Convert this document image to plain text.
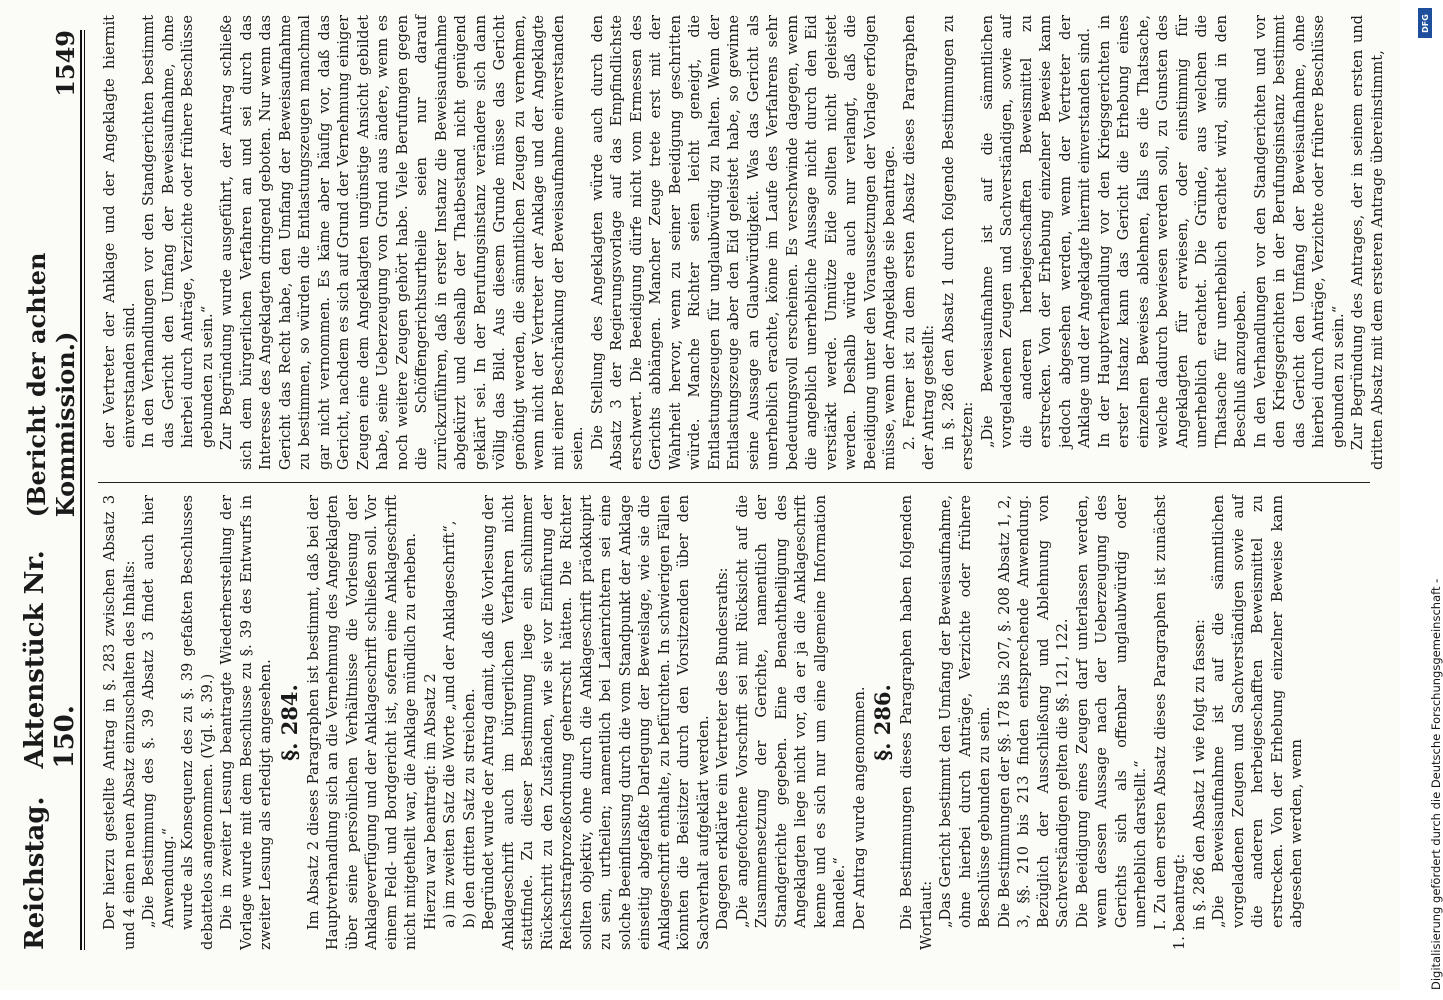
Reichstag.
Aktenstück Nr. 150.
(Bericht der achten Kommission.)
1549

Der hierzu gestellte Antrag in §. 283 zwischen Absatz 3 und 4 einen neuen Absatz einzuschalten des Inhalts: „Die Bestimmung des §. 39 Absatz 3 findet auch hier Anwendung.“ wurde als Konsequenz des zu §. 39 gefaßten Beschlusses debattelos angenommen. (Vgl. §. 39.) Die in zweiter Lesung beantragte Wiederherstellung der Vorlage wurde mit dem Beschlusse zu §. 39 des Entwurfs in zweiter Lesung als erledigt angesehen. §. 284. Im Absatz 2 dieses Paragraphen ist bestimmt, daß bei der Hauptverhandlung sich an die Vernehmung des Angeklagten über seine persönlichen Verhältnisse die Vorlesung der Anklageverfügung und der Anklageschrift schließen soll. Vor einem Feld- und Bordgericht ist, sofern eine Anklageschrift nicht mitgetheilt war, die Anklage mündlich zu erheben. Hierzu war beantragt: im Absatz 2 a) im zweiten Satz die Worte „und der Anklageschrift“, b) den dritten Satz zu streichen. Begründet wurde der Antrag damit, daß die Vorlesung der Anklageschrift auch im bürgerlichen Verfahren nicht stattfinde. Zu dieser Bestimmung liege ein schlimmer Rückschritt zu den Zuständen, wie sie vor Einführung der Reichsstrafprozeßordnung geherrscht hätten. Die Richter sollten objektiv, ohne durch die Anklageschrift präokkupirt zu sein, urtheilen; namentlich bei Laienrichtern sei eine solche Beeinflussung durch die vom Standpunkt der Anklage einseitig abgefaßte Darlegung der Beweislage, wie sie die Anklageschrift enthalte, zu befürchten. In schwierigen Fällen könnten die Beisitzer durch den Vorsitzenden über den Sachverhalt aufgeklärt werden. Dagegen erklärte ein Vertreter des Bundesraths: „Die angefochtene Vorschrift sei mit Rücksicht auf die Zusammensetzung der Gerichte, namentlich der Standgerichte gegeben. Eine Benachtheiligung des Angeklagten liege nicht vor, da er ja die Anklageschrift kenne und es sich nur um eine allgemeine Information handele.“ Der Antrag wurde angenommen. §. 286. Die Bestimmungen dieses Paragraphen haben folgenden Wortlaut: „Das Gericht bestimmt den Umfang der Beweisaufnahme, ohne hierbei durch Anträge, Verzichte oder frühere Beschlüsse gebunden zu sein. Die Bestimmungen der §§. 178 bis 207, §. 208 Absatz 1, 2, 3, §§. 210 bis 213 finden entsprechende Anwendung. Bezüglich der Ausschließung und Ablehnung von Sachverständigen gelten die §§. 121, 122. Die Beeidigung eines Zeugen darf unterlassen werden, wenn dessen Aussage nach der Ueberzeugung des Gerichts sich als offenbar unglaubwürdig oder unerheblich darstellt.“ I. Zu dem ersten Absatz dieses Paragraphen ist zunächst 1. beantragt: in §. 286 den Absatz 1 wie folgt zu fassen: „Die Beweisaufnahme ist auf die sämmtlichen vorgeladenen Zeugen und Sachverständigen sowie auf die anderen herbeigeschafften Beweismittel zu erstrecken. Von der Erhebung einzelner Beweise kann abgesehen werden, wenn

der Vertreter der Anklage und der Angeklagte hiermit einverstanden sind. In den Verhandlungen vor den Standgerichten bestimmt das Gericht den Umfang der Beweisaufnahme, ohne hierbei durch Anträge, Verzichte oder frühere Beschlüsse gebunden zu sein.“ Zur Begründung wurde ausgeführt, der Antrag schließe sich dem bürgerlichen Verfahren an und sei durch das Interesse des Angeklagten dringend geboten. Nur wenn das Gericht das Recht habe, den Umfang der Beweisaufnahme zu bestimmen, so würden die Entlastungszeugen manchmal gar nicht vernommen. Es käme aber häufig vor, daß das Gericht, nachdem es sich auf Grund der Vernehmung einiger Zeugen eine dem Angeklagten ungünstige Ansicht gebildet habe, seine Ueberzeugung von Grund aus ändere, wenn es noch weitere Zeugen gehört habe. Viele Berufungen gegen die Schöffengerichtsurtheile seien nur darauf zurückzuführen, daß in erster Instanz die Beweisaufnahme abgekürzt und deshalb der Thatbestand nicht genügend geklärt sei. In der Berufungsinstanz verändere sich dann völlig das Bild. Aus diesem Grunde müsse das Gericht genöthigt werden, die sämmtlichen Zeugen zu vernehmen, wenn nicht der Vertreter der Anklage und der Angeklagte mit einer Beschränkung der Beweisaufnahme einverstanden seien. Die Stellung des Angeklagten würde auch durch den Absatz 3 der Regierungsvorlage auf das Empfindlichste erschwert. Die Beeidigung dürfe nicht vom Ermessen des Gerichts abhängen. Mancher Zeuge trete erst mit der Wahrheit hervor, wenn zu seiner Beeidigung geschritten würde. Manche Richter seien leicht geneigt, die Entlastungszeugen für unglaubwürdig zu halten. Wenn der Entlastungszeuge aber den Eid geleistet habe, so gewinne seine Aussage an Glaubwürdigkeit. Was das Gericht als unerheblich erachte, könne im Laufe des Verfahrens sehr bedeutungsvoll erscheinen. Es verschwinde dagegen, wenn die angeblich unerhebliche Aussage nicht durch den Eid verstärkt werde. Unnütze Eide sollten nicht geleistet werden. Deshalb würde auch nur verlangt, daß die Beeidigung unter den Voraussetzungen der Vorlage erfolgen müsse, wenn der Angeklagte sie beantrage. 2. Ferner ist zu dem ersten Absatz dieses Paragraphen der Antrag gestellt: in §. 286 den Absatz 1 durch folgende Bestimmungen zu ersetzen: „Die Beweisaufnahme ist auf die sämmtlichen vorgeladenen Zeugen und Sachverständigen, sowie auf die anderen herbeigeschafften Beweismittel zu erstrecken. Von der Erhebung einzelner Beweise kann jedoch abgesehen werden, wenn der Vertreter der Anklage und der Angeklagte hiermit einverstanden sind. In der Hauptverhandlung vor den Kriegsgerichten in erster Instanz kann das Gericht die Erhebung eines einzelnen Beweises ablehnen, falls es die Thatsache, welche dadurch bewiesen werden soll, zu Gunsten des Angeklagten für erwiesen, oder einstimmig für unerheblich erachtet. Die Gründe, aus welchen die Thatsache für unerheblich erachtet wird, sind in den Beschluß anzugeben. In den Verhandlungen vor den Standgerichten und vor den Kriegsgerichten in der Berufungsinstanz bestimmt das Gericht den Umfang der Beweisaufnahme, ohne hierbei durch Anträge, Verzichte oder frühere Beschlüsse gebunden zu sein.“ Zur Begründung des Antrages, der in seinem ersten und dritten Absatz mit dem ersteren Antrage übereinstimmt,

Digitalisierung gefördert durch die Deutsche Forschungsgemeinschaft -
DFG
